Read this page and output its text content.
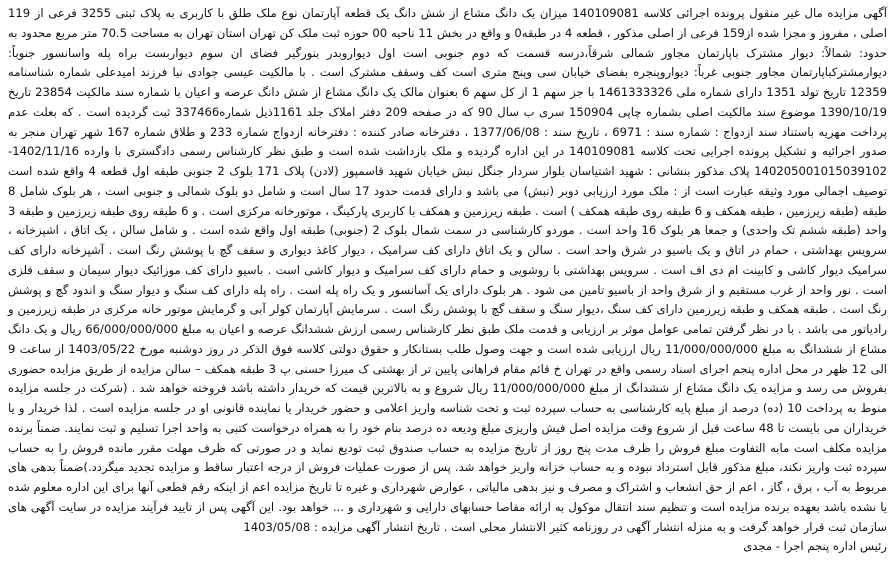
آگهی مزایده مال غیر منقول پرونده اجرائی کلاسه 140109081 میزان یک دانگ مشاع از شش دانگ یک قطعه آپارتمان نوع ملک طلق با کاربری به پلاک ثبتی 3255 فرعی از 119 اصلی ، مفروز و مجزا شده از159 فرعی از اصلی مذکور ، قطعه 4 در طبقه0 و واقع در بخش 11 ناحیه 00 حوزه ثبت ملک کن تهران استان تهران به مساحت 70.5 متر مربع محدود به حدود: شمالاً: دیوار مشترک باپارتمان مجاور شمالی شرقاً،درسه قسمت که دوم جنوبی است اول دیواروبدر بنورگیر فضای ان سوم دیواربست براه پله واسانسور جنوباً: دیوارمشترکباپارتمان مجاور جنوبی غرباً: دیواروپنجره بفضای خیابان سی وپنج متری است کف وسقف مشترک است . با مالکیت عیسی جوادی نیا فرزند امیدعلی شماره شناسنامه 12359 تاریخ تولد 1351 دارای شماره ملی 1461333326 با جز سهم 1 از کل سهم 6 بعنوان مالک یک دانگ مشاع از شش دانگ عرصه و اعیان با شماره سند مالکیت 23854 تاریخ 1390/10/19 موضوع سند مالکیت اصلی بشماره چاپی 150904 سری ب سال 90 که در صفحه 209 دفتر املاک جلد 1161ذیل شماره337466 ثبت گردیده است . که بعلت عدم پرداخت مهریه باستناد سند ازدواج : شماره سند : 6971 ، تاریخ سند : 1377/06/08 ، دفترخانه صادر کننده : دفترخانه ازدواج شماره 233 و طلاق شماره 167 شهر تهران منجر به صدور اجرائیه و تشکیل پرونده اجرایی تحت کلاسه 140109081 در این اداره گردیده و ملک بازداشت شده است و طبق نظر کارشناس رسمی دادگستری با وارده 1402/11/16- 140205001015039102 پلاک مذکور بنشانی : شهید اشتیاسان بلوار سردار جنگل نبش خیابان شهید قاسمپور (لادن) پلاک 171 بلوک 2 جنوبی طبقه اول قطعه 4 واقع شده است توصیف اجمالی مورد وثیقه عبارت است از : ملک مورد ارزیابی دوبر (نبش) می باشد و دارای قدمت حدود 17 سال است و شامل دو بلوک شمالی و جنوبی است ، هر بلوک شامل 8 طبقه (طبقه زیرزمین ، طبقه همکف و 6 طبقه روی طبقه همکف ) است . طبقه زیرزمین و همکف با کاربری پارکینگ ، موتورخانه مرکزی است . و 6 طبقه روی طبقه زیرزمین و طبقه 3 واحد (طبقه ششم تک واحدی) و جمعا هر بلوک 16 واحد است . موردو کارشناسی در سمت شمال بلوک 2 (جنوبی) طبقه اول واقع شده است . و شامل سالن ، یک اتاق ، اشپزخانه ، سرویس بهداشتی ، حمام در اتاق و یک باسیو در شرق واحد است . سالن و یک اتاق دارای کف سرامیک ، دیوار کاغذ دیواری و سقف گچ با پوشش رنگ است . آشپزخانه دارای کف سرامیک دیوار کاشی و کابینت ام دی اف است . سرویس بهداشتی با روشویی و حمام دارای کف سرامیک و دیوار کاشی است . باسیو دارای کف موزائیک دیوار سیمان و سقف فلزی است . نور واحد از غرب مستقیم و از شرق واحد از باسیو تامین می شود . هر بلوک دارای یک آسانسور و یک راه پله است . راه پله دارای کف سنگ و دیوار سنگ و اندود گچ و پوشش رنگ است . طبقه همکف و طبقه زیرزمین دارای کف سنگ ،دیوار سنگ و سقف گچ با پوشش رنگ است . سرمایش آپارتمان کولر آبی و گرمایش موتور خانه مرکزی در طبقه زیرزمین و رادیاتور می باشد . با در نظر گرفتن تمامی عوامل موثر بر ارزیابی و قدمت ملک طبق نظر کارشناس رسمی ارزش ششدانگ عرصه و اعیان به مبلغ 66/000/000/000 ریال و یک دانگ مشاع از ششدانگ به مبلغ 11/000/000/000 ریال ارزیابی شده است و جهت وصول طلب بستانکار و حقوق دولتی کلاسه فوق الذکر در روز دوشنبه مورخ 1403/05/22 از ساعت 9 الی 12 ظهر در محل اداره پنجم اجرای اسناد رسمی واقع در تهران خ قائم مقام فراهانی پایین تر از بهشتی ک میرزا حسنی پ 3 طبقه همکف – سالن مزایده از طریق مزایده حضوری بفروش می رسد و مزایده یک دانگ مشاع از ششدانگ از مبلغ 11/000/000/000 ریال شروع و به بالاترین قیمت که خریدار داشته باشد فروخته خواهد شد . (شرکت در جلسه مزایده منوط به پرداخت 10 (ده) درصد از مبلغ پایه کارشناسی به حساب سپرده ثبت و تحت شناسه واریز اعلامی و حضور خریدار یا نماینده قانونی او در جلسه مزایده است . لذا خریدار و یا خریداران می بایست تا 48 ساعت قبل از شروع وقت مزایده اصل فیش واریزی مبلغ ودیعه ده درصد بنام خود را به همراه درخواست کتبی به واحد اجرا تسلیم و ثبت نمایند. ضمناً برنده مزایده مکلف است مابه التفاوت مبلغ فروش را ظرف مدت پنج روز از تاریخ مزایده به حساب صندوق ثبت تودیع نماید و در صورتی که ظرف مهلت مقرر مانده فروش را به حساب سپرده ثبت واریز نکند، مبلغ مذکور قابل استرداد نبوده و به حساب خزانه واریز خواهد شد. پس از صورت عملیات فروش از درجه اعتبار ساقط و مزایده تجدید میگردد.)ضمناً بدهی های مربوط به آب ، برق ، گاز ، اعم از حق انشعاب و اشتراک و مصرف و نیز بدهی مالیاتی ، عوارض شهرداری و غیره تا تاریخ مزایده اعم از اینکه رقم قطعی آنها برای این اداره معلوم شده یا نشده باشد بعهده برنده مزایده است و تنظیم سند انتقال موکول به ارائه مفاصا حسابهای دارایی و شهرداری و ... خواهد بود. این آگهی پس از تایید فرآیند مزایده در سایت آگهی های سازمان ثبت قرار خواهد گرفت و به منزله انتشار آگهی در روزنامه کثیر الانتشار محلی است . تاریخ انتشار آگهی مزایده : 1403/05/08

رئیس اداره پنجم اجرا - مجدی
